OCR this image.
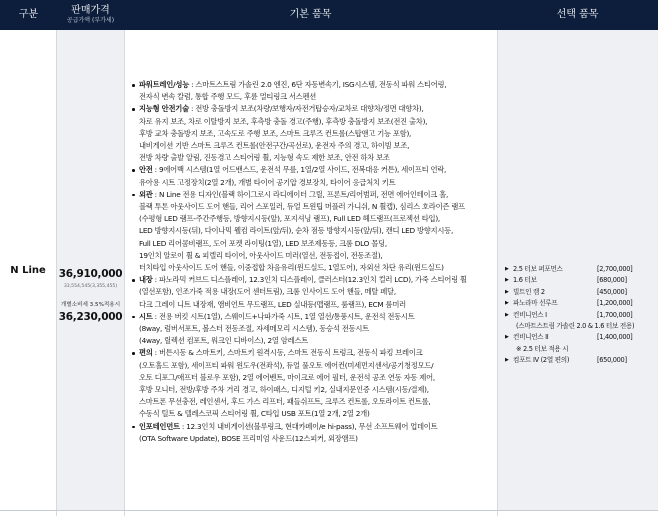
구분	판매가격
공급가액 (부가세)
기본 품목	선택 품목
36,910,000
33,554,545(3,355,455)
개별소비세 3.5%적용시
36,230,000
N Line
파워트레인/성능 : 스마트스트림 가솔린 2.0 엔진, 6단 자동변속기, ISG시스템, 전동식 파워 스티어링,
전자식 변속 칼럼, 통합 주행 모드, 후륜 멀티링크 서스펜션
지능형 안전기술 : 전방 충돌방지 보조(차량/보행자/자전거탑승자/교차로 대향차/정면 대향차),
차로 유지 보조, 차로 이탈방지 보조, 후측방 충돌 경고(주행), 후측방 충돌방지 보조(전진 출차),
후방 교차 충돌방지 보조, 고속도로 주행 보조, 스마트 크루즈 컨트롤(스탑앤고 기능 포함),
내비게이션 기반 스마트 크루즈 컨트롤(안전구간/곡선로), 운전자 주의 경고, 하이빔 보조,
전방 차량 출발 알림, 진동경고 스티어링 휠, 지능형 속도 제한 보조, 안전 하차 보조
안전 : 9에어백 시스템(1열 어드밴스드, 운전석 무릎, 1열/2열 사이드, 전복대응 커튼), 세이프티 언락,
유아용 시트 고정장치(2열 2개), 개별 타이어 공기압 경보장치, 타이어 응급처치 키트
외관 : N Line 전용 디자인(블랙 하이그로시 라디에이터 그릴, 프론트/리어범퍼, 전면 에어인테이크 홀,
블랙 투톤 아웃사이드 도어 핸들, 리어 스포일러, 듀얼 트윈팁 머플러 가니쉬, N 휠캡), 심리스 호라이즌 램프
(수평형 LED 램프-주간주행등, 방향지시등(앞), 포지셔닝 램프), Full LED 헤드램프(프로젝션 타입),
LED 방향지시등(뒤), 다이나믹 웰컴 라이트(앞/뒤), 순차 점등 방향지시등(앞/뒤), 캔디 LED 방향지시등,
Full LED 리어콤비램프, 도어 포켓 라이팅(1열), LED 보조제동등, 크롬 DLO 몰딩,
19인치 알로이 휠 & 피렐리 타이어, 아웃사이드 미러(열선, 전동접이, 전동조절),
터치타입 아웃사이드 도어 핸들, 이중접합 차음유리(윈드실드, 1열도어), 자외선 차단 유리(윈드실드)
내장 : 파노라믹 커브드 디스플레이, 12.3인치 디스플레이, 클러스터(12.3인치 컬러 LCD), 가죽 스티어링 휠
(열선포함), 인조가죽 적용 내장(도어 센터트림), 크롬 인사이드 도어 핸들, 메탈 페달,
다크 그레이 니트 내장재, 앰비언트 무드램프, LED 실내등(맵램프, 룸램프), ECM 룸미러
시트 : 전용 버킷 시트(1열), 스웨이드+나파가죽 시트, 1열 열선/통풍시트, 운전석 전동시트
(8way, 럼버서포트, 볼스터 전동조절, 자세메모리 시스템), 동승석 전동시트
(4way, 릴렉션 컴포트, 워크인 디바이스), 2열 암레스트
편의 : 버튼시동 & 스마트키, 스마트키 원격시동, 스마트 전동식 트렁크, 전동식 파킹 브레이크
(오토홀드 포함), 세이프티 파워 윈도우(전좌석), 듀얼 풀오토 에어컨(미세먼지센서/공기청정모드/
오토 디포그/애프터 블로우 포함), 2열 에어벤트, 마이크로 에어 필터, 운전석 공조 연동 자동 제어,
후방 모니터, 전방/후방 주차 거리 경고, 하이패스, 디지털 키2, 실내지문인증 시스템(시동/결제),
스마트폰 무선충전, 레인센서, 후드 가스 리프터, 패들쉬프트, 크루즈 컨트롤, 오토라이트 컨트롤,
수동식 틸트 & 텔레스코픽 스티어링 휠, C타입 USB 포트(1열 2개, 2열 2개)
인포테인먼트 : 12.3인치 내비게이션(블루링크, 현대카페이/e hi-pass), 무선 소프트웨어 업데이트
(OTA Software Update), BOSE 프리미엄 사운드(12스피커, 외장앰프)
▶ 2.5 터보 퍼포먼스	[2,700,000]
▶ 1.6 터보	[680,000]
▶ 빌트인 캠 2	[450,000]
▶ 파노라마 선루프	[1,200,000]
▶ 컨비니언스 I	[1,700,000]
(스마트스트림 가솔린 2.0 & 1.6 터보 전용)
▶ 컨비니언스 II	[1,400,000]
※ 2.5 터보 적용 시
▶ 컴포트 IV (2열 편의)	[650,000]
